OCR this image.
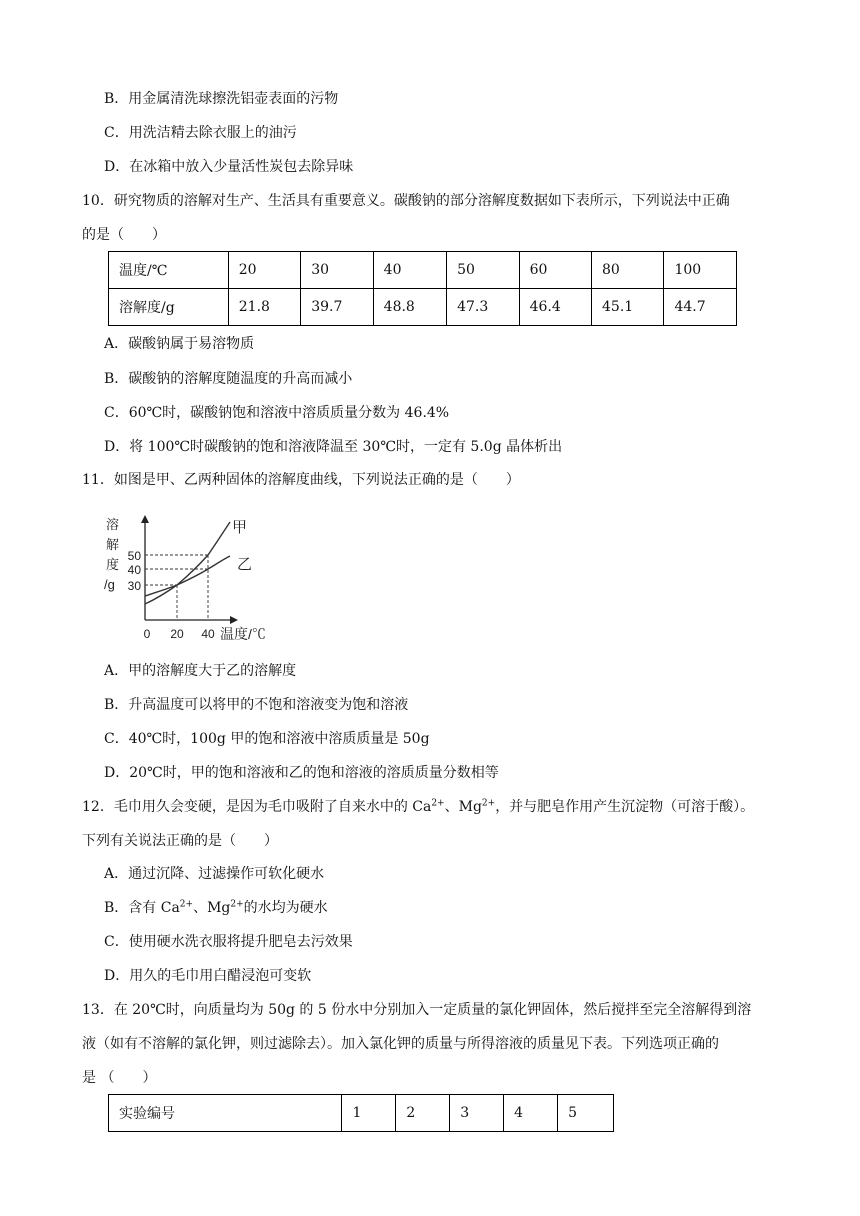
B．用金属清洗球擦洗铝壶表面的污物
C．用洗洁精去除衣服上的油污
D．在冰箱中放入少量活性炭包去除异味
10．研究物质的溶解对生产、生活具有重要意义。碳酸钠的部分溶解度数据如下表所示，下列说法中正确
的是（　　）
温度/℃	20	30	40	50	60	80	100
溶解度/g	21.8	39.7	48.8	47.3	46.4	45.1	44.7
A．碳酸钠属于易溶物质
B．碳酸钠的溶解度随温度的升高而减小
C．60℃时，碳酸钠饱和溶液中溶质质量分数为 46.4%
D．将 100℃时碳酸钠的饱和溶液降温至 30℃时，一定有 5.0g 晶体析出
11．如图是甲、乙两种固体的溶解度曲线，下列说法正确的是（　　）
溶
解
度
/g
50
40
30
甲
乙
0 20 40 温度/℃
A．甲的溶解度大于乙的溶解度
B．升高温度可以将甲的不饱和溶液变为饱和溶液
C．40℃时，100g 甲的饱和溶液中溶质质量是 50g
D．20℃时，甲的饱和溶液和乙的饱和溶液的溶质质量分数相等
12．毛巾用久会变硬，是因为毛巾吸附了自来水中的 $Ca^{2+}$、$Mg^{2+}$，并与肥皂作用产生沉淀物（可溶于酸）。
下列有关说法正确的是（　　）
A．通过沉降、过滤操作可软化硬水
B．含有 $Ca^{2+}$、$Mg^{2+}$的水均为硬水
C．使用硬水洗衣服将提升肥皂去污效果
D．用久的毛巾用白醋浸泡可变软
13．在 20℃时，向质量均为 50g 的 5 份水中分别加入一定质量的氯化钾固体，然后搅拌至完全溶解得到溶
液（如有不溶解的氯化钾，则过滤除去）。加入氯化钾的质量与所得溶液的质量见下表。下列选项正确的
是 （　　）
实验编号	1	2	3	4	5
